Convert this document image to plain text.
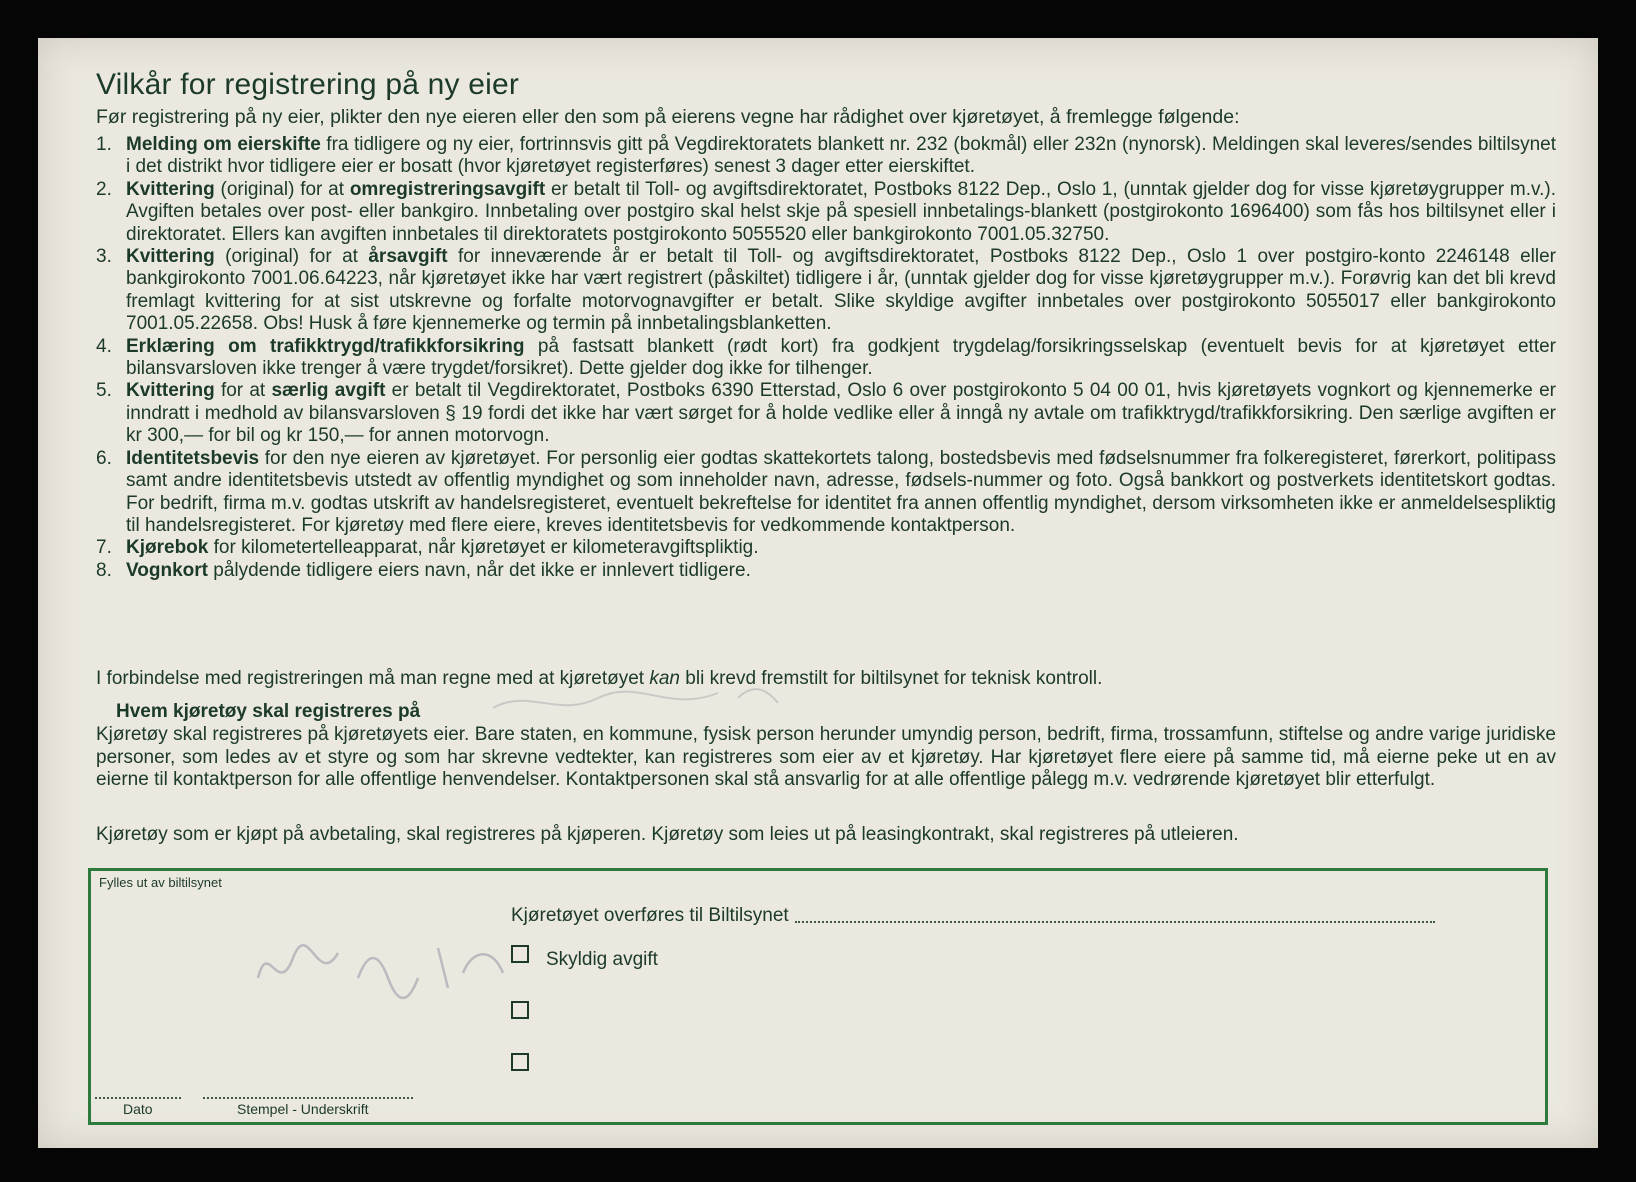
Vilkår for registrering på ny eier

Før registrering på ny eier, plikter den nye eieren eller den som på eierens vegne har rådighet over kjøretøyet, å fremlegge følgende:

1. Melding om eierskifte fra tidligere og ny eier, fortrinnsvis gitt på Vegdirektoratets blankett nr. 232 (bokmål) eller 232n (nynorsk). Meldingen skal leveres/sendes biltilsynet i det distrikt hvor tidligere eier er bosatt (hvor kjøretøyet registerføres) senest 3 dager etter eierskiftet.
2. Kvittering (original) for at omregistreringsavgift er betalt til Toll- og avgiftsdirektoratet, Postboks 8122 Dep., Oslo 1, (unntak gjelder dog for visse kjøretøygrupper m.v.). Avgiften betales over post- eller bankgiro. Innbetaling over postgiro skal helst skje på spesiell innbetalings-blankett (postgirokonto 1696400) som fås hos biltilsynet eller i direktoratet. Ellers kan avgiften innbetales til direktoratets postgirokonto 5055520 eller bankgirokonto 7001.05.32750.
3. Kvittering (original) for at årsavgift for inneværende år er betalt til Toll- og avgiftsdirektoratet, Postboks 8122 Dep., Oslo 1 over postgiro-konto 2246148 eller bankgirokonto 7001.06.64223, når kjøretøyet ikke har vært registrert (påskiltet) tidligere i år, (unntak gjelder dog for visse kjøretøygrupper m.v.). Forøvrig kan det bli krevd fremlagt kvittering for at sist utskrevne og forfalte motorvognavgifter er betalt. Slike skyldige avgifter innbetales over postgirokonto 5055017 eller bankgirokonto 7001.05.22658. Obs! Husk å føre kjennemerke og termin på innbetalingsblanketten.
4. Erklæring om trafikktrygd/trafikkforsikring på fastsatt blankett (rødt kort) fra godkjent trygdelag/forsikringsselskap (eventuelt bevis for at kjøretøyet etter bilansvarsloven ikke trenger å være trygdet/forsikret). Dette gjelder dog ikke for tilhenger.
5. Kvittering for at særlig avgift er betalt til Vegdirektoratet, Postboks 6390 Etterstad, Oslo 6 over postgirokonto 5 04 00 01, hvis kjøretøyets vognkort og kjennemerke er inndratt i medhold av bilansvarsloven § 19 fordi det ikke har vært sørget for å holde vedlike eller å inngå ny avtale om trafikktrygd/trafikkforsikring. Den særlige avgiften er kr 300,— for bil og kr 150,— for annen motorvogn.
6. Identitetsbevis for den nye eieren av kjøretøyet. For personlig eier godtas skattekortets talong, bostedsbevis med fødselsnummer fra folkeregisteret, førerkort, politipass samt andre identitetsbevis utstedt av offentlig myndighet og som inneholder navn, adresse, fødsels-nummer og foto. Også bankkort og postverkets identitetskort godtas. For bedrift, firma m.v. godtas utskrift av handelsregisteret, eventuelt bekreftelse for identitet fra annen offentlig myndighet, dersom virksomheten ikke er anmeldelsespliktig til handelsregisteret. For kjøretøy med flere eiere, kreves identitetsbevis for vedkommende kontaktperson.
7. Kjørebok for kilometertelleapparat, når kjøretøyet er kilometeravgiftspliktig.
8. Vognkort pålydende tidligere eiers navn, når det ikke er innlevert tidligere.

I forbindelse med registreringen må man regne med at kjøretøyet kan bli krevd fremstilt for biltilsynet for teknisk kontroll.

Hvem kjøretøy skal registreres på

Kjøretøy skal registreres på kjøretøyets eier. Bare staten, en kommune, fysisk person herunder umyndig person, bedrift, firma, trossamfunn, stiftelse og andre varige juridiske personer, som ledes av et styre og som har skrevne vedtekter, kan registreres som eier av et kjøretøy. Har kjøretøyet flere eiere på samme tid, må eierne peke ut en av eierne til kontaktperson for alle offentlige henvendelser. Kontaktpersonen skal stå ansvarlig for at alle offentlige pålegg m.v. vedrørende kjøretøyet blir etterfulgt.

Kjøretøy som er kjøpt på avbetaling, skal registreres på kjøperen. Kjøretøy som leies ut på leasingkontrakt, skal registreres på utleieren.

Fylles ut av biltilsynet
Kjøretøyet overføres til Biltilsynet
Skyldig avgift
Dato	Stempel - Underskrift
